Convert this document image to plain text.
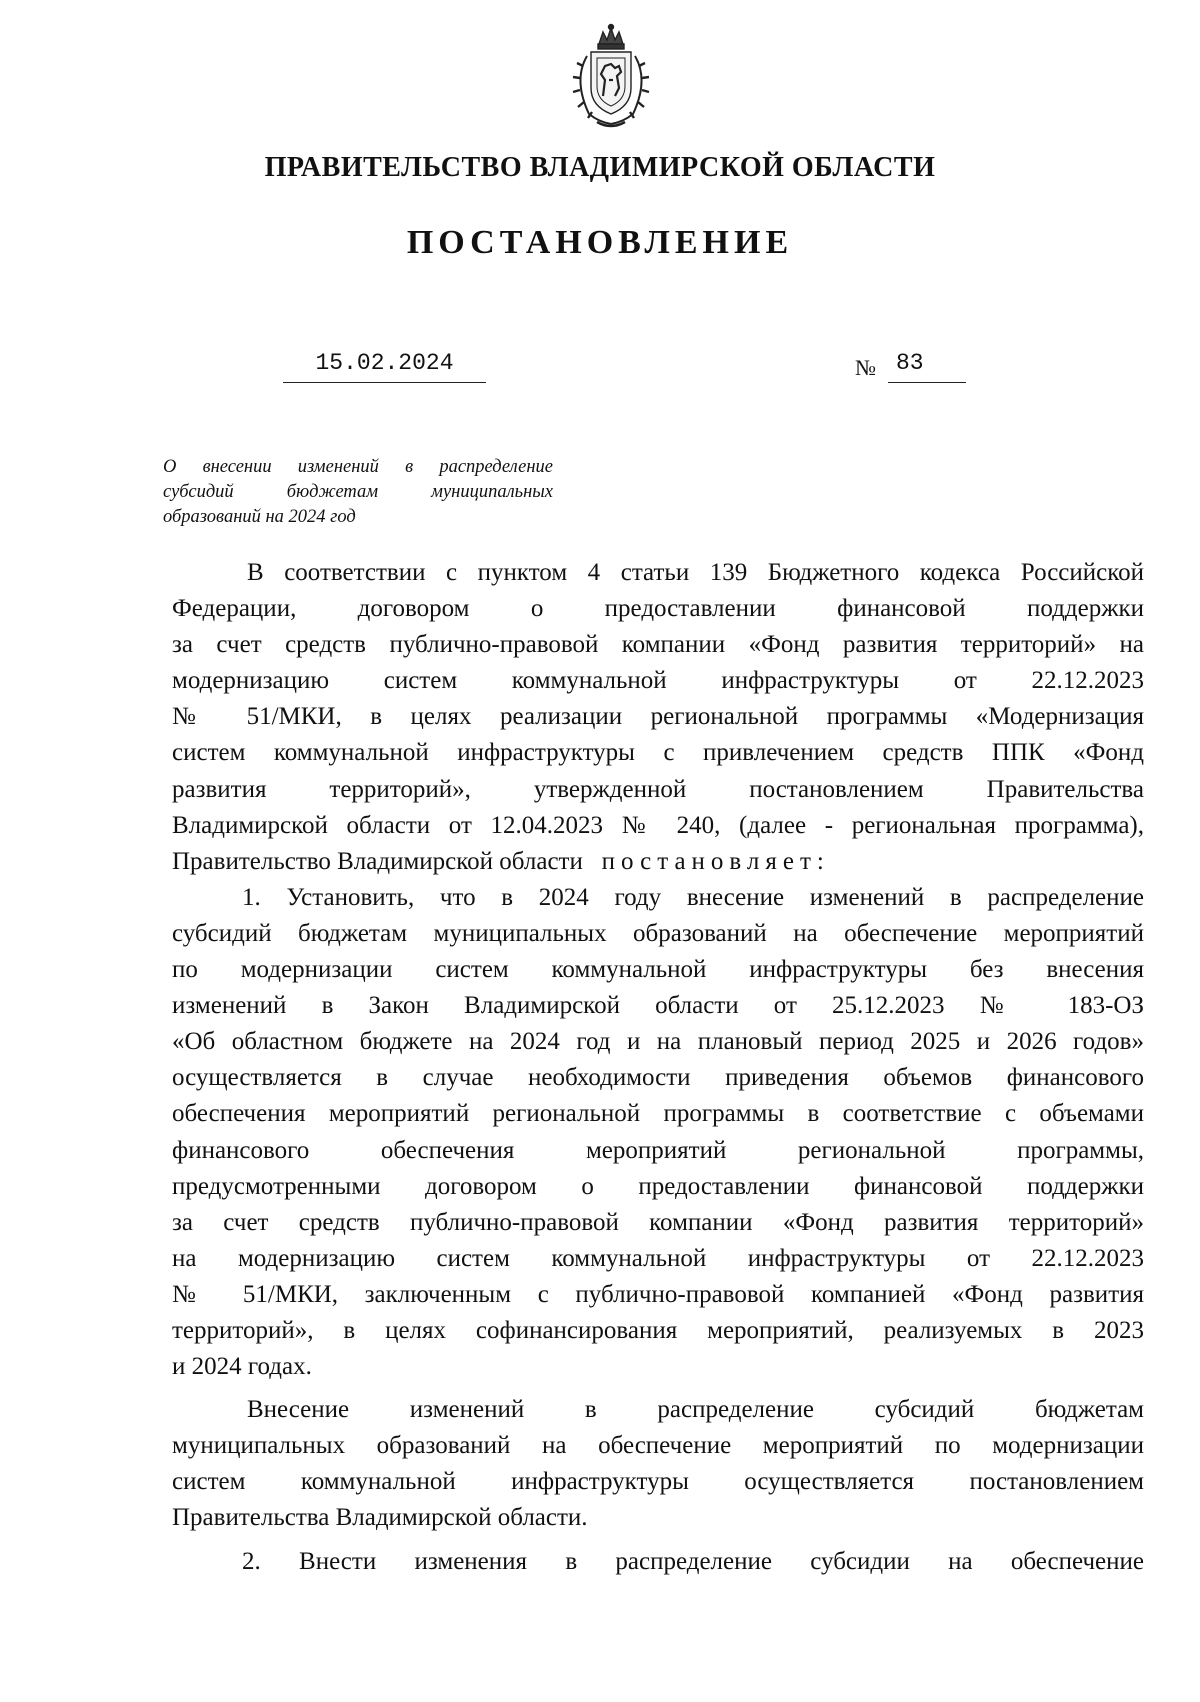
ПРАВИТЕЛЬСТВО ВЛАДИМИРСКОЙ ОБЛАСТИ
ПОСТАНОВЛЕНИЕ
15.02.2024	№ 83
О внесении изменений в распределение
субсидий бюджетам муниципальных
образований на 2024 год
В соответствии с пунктом 4 статьи 139 Бюджетного кодекса Российской
Федерации, договором о предоставлении финансовой поддержки
за счет средств публично-правовой компании «Фонд развития территорий» на
модернизацию систем коммунальной инфраструктуры от 22.12.2023
№ 51/МКИ, в целях реализации региональной программы «Модернизация
систем коммунальной инфраструктуры с привлечением средств ППК «Фонд
развития территорий», утвержденной постановлением Правительства
Владимирской области от 12.04.2023 № 240, (далее - региональная программа),
Правительство Владимирской области постановляет:
1. Установить, что в 2024 году внесение изменений в распределение
субсидий бюджетам муниципальных образований на обеспечение мероприятий
по модернизации систем коммунальной инфраструктуры без внесения
изменений в Закон Владимирской области от 25.12.2023 № 183-ОЗ
«Об областном бюджете на 2024 год и на плановый период 2025 и 2026 годов»
осуществляется в случае необходимости приведения объемов финансового
обеспечения мероприятий региональной программы в соответствие с объемами
финансового обеспечения мероприятий региональной программы,
предусмотренными договором о предоставлении финансовой поддержки
за счет средств публично-правовой компании «Фонд развития территорий»
на модернизацию систем коммунальной инфраструктуры от 22.12.2023
№ 51/МКИ, заключенным с публично-правовой компанией «Фонд развития
территорий», в целях софинансирования мероприятий, реализуемых в 2023
и 2024 годах.
Внесение изменений в распределение субсидий бюджетам
муниципальных образований на обеспечение мероприятий по модернизации
систем коммунальной инфраструктуры осуществляется постановлением
Правительства Владимирской области.
2. Внести изменения в распределение субсидии на обеспечение
